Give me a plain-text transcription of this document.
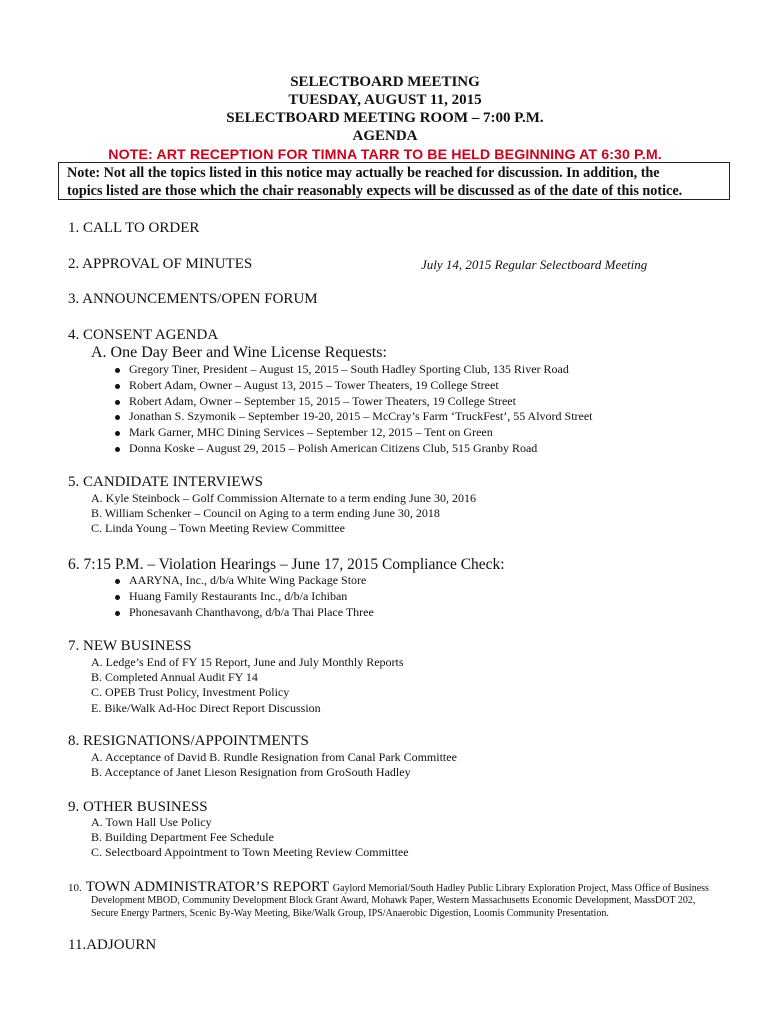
SELECTBOARD MEETING
TUESDAY, AUGUST 11, 2015
SELECTBOARD MEETING ROOM – 7:00 P.M.
AGENDA
NOTE: ART RECEPTION FOR TIMNA TARR TO BE HELD BEGINNING AT 6:30 P.M.
Note: Not all the topics listed in this notice may actually be reached for discussion. In addition, the
topics listed are those which the chair reasonably expects will be discussed as of the date of this notice.
1. CALL TO ORDER
2. APPROVAL OF MINUTES	July 14, 2015 Regular Selectboard Meeting
3. ANNOUNCEMENTS/OPEN FORUM
4. CONSENT AGENDA
A. One Day Beer and Wine License Requests:
Gregory Tiner, President – August 15, 2015 – South Hadley Sporting Club, 135 River Road
Robert Adam, Owner – August 13, 2015 – Tower Theaters, 19 College Street
Robert Adam, Owner – September 15, 2015 – Tower Theaters, 19 College Street
Jonathan S. Szymonik – September 19-20, 2015 – McCray’s Farm ‘TruckFest’, 55 Alvord Street
Mark Garner, MHC Dining Services – September 12, 2015 – Tent on Green
Donna Koske – August 29, 2015 – Polish American Citizens Club, 515 Granby Road
5. CANDIDATE INTERVIEWS
A. Kyle Steinbock – Golf Commission Alternate to a term ending June 30, 2016
B. William Schenker – Council on Aging to a term ending June 30, 2018
C. Linda Young – Town Meeting Review Committee
6. 7:15 P.M. – Violation Hearings – June 17, 2015 Compliance Check:
AARYNA, Inc., d/b/a White Wing Package Store
Huang Family Restaurants Inc., d/b/a Ichiban
Phonesavanh Chanthavong, d/b/a Thai Place Three
7. NEW BUSINESS
A. Ledge’s End of FY 15 Report, June and July Monthly Reports
B. Completed Annual Audit FY 14
C. OPEB Trust Policy, Investment Policy
E. Bike/Walk Ad-Hoc Direct Report Discussion
8. RESIGNATIONS/APPOINTMENTS
A. Acceptance of David B. Rundle Resignation from Canal Park Committee
B. Acceptance of Janet Lieson Resignation from GroSouth Hadley
9. OTHER BUSINESS
A. Town Hall Use Policy
B. Building Department Fee Schedule
C. Selectboard Appointment to Town Meeting Review Committee
10. TOWN ADMINISTRATOR’S REPORT Gaylord Memorial/South Hadley Public Library Exploration Project, Mass Office of Business
Development MBOD, Community Development Block Grant Award, Mohawk Paper, Western Massachusetts Economic Development, MassDOT 202,
Secure Energy Partners, Scenic By-Way Meeting, Bike/Walk Group, IPS/Anaerobic Digestion, Loomis Community Presentation.
11.ADJOURN
